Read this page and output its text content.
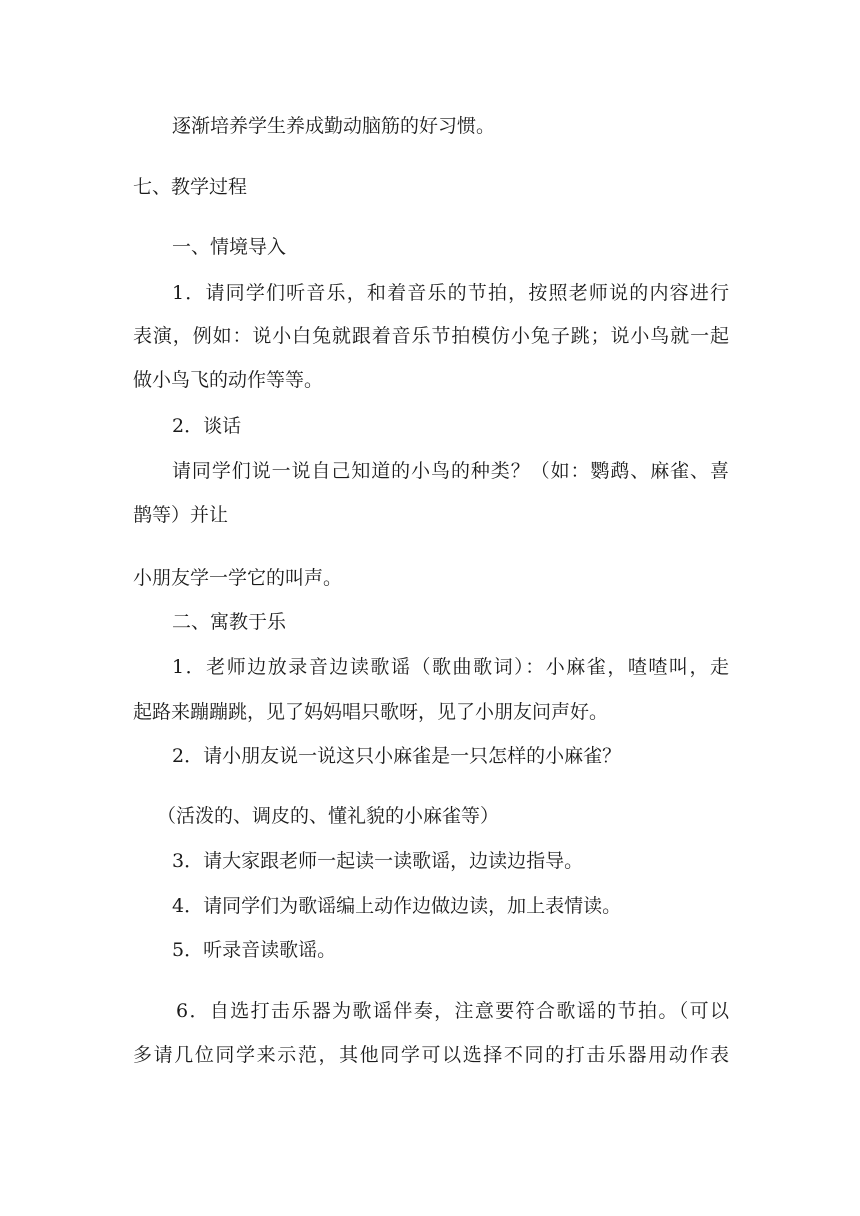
逐渐培养学生养成勤动脑筋的好习惯。

七、教学过程

一、情境导入

1．请同学们听音乐，和着音乐的节拍，按照老师说的内容进行

表演，例如：说小白兔就跟着音乐节拍模仿小兔子跳；说小鸟就一起

做小鸟飞的动作等等。

2．谈话

请同学们说一说自己知道的小鸟的种类？（如：鹦鹉、麻雀、喜

鹊等）并让

小朋友学一学它的叫声。

二、寓教于乐

1．老师边放录音边读歌谣（歌曲歌词）：小麻雀，喳喳叫，走

起路来蹦蹦跳，见了妈妈唱只歌呀，见了小朋友问声好。

2．请小朋友说一说这只小麻雀是一只怎样的小麻雀？

（活泼的、调皮的、懂礼貌的小麻雀等）

3．请大家跟老师一起读一读歌谣，边读边指导。

4．请同学们为歌谣编上动作边做边读，加上表情读。

5．听录音读歌谣。

6．自选打击乐器为歌谣伴奏，注意要符合歌谣的节拍。（可以

多请几位同学来示范，其他同学可以选择不同的打击乐器用动作表
